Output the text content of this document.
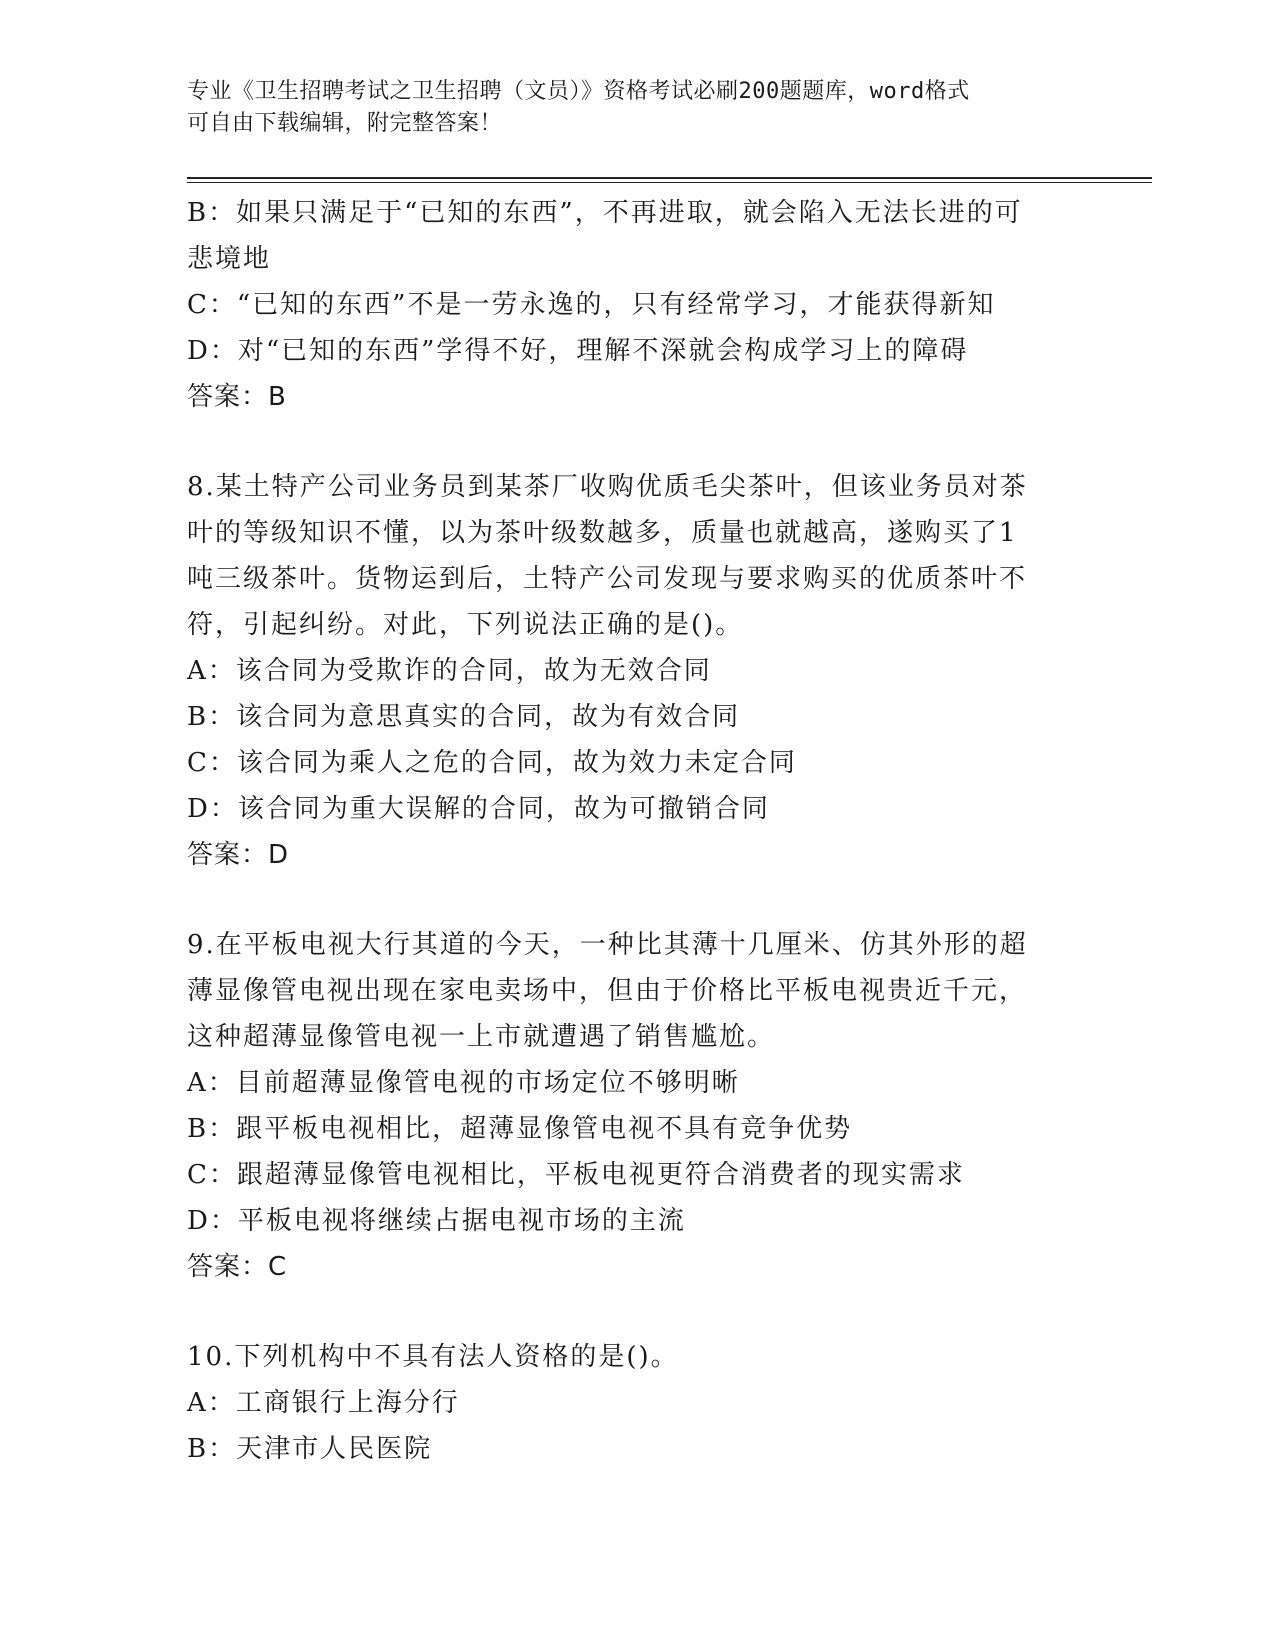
专业《卫生招聘考试之卫生招聘（文员）》资格考试必刷200题题库，word格式
可自由下载编辑，附完整答案！

B：如果只满足于“已知的东西”，不再进取，就会陷入无法长进的可

悲境地

C：“已知的东西”不是一劳永逸的，只有经常学习，才能获得新知

D：对“已知的东西”学得不好，理解不深就会构成学习上的障碍

答案：B

8.某土特产公司业务员到某茶厂收购优质毛尖茶叶，但该业务员对茶

叶的等级知识不懂，以为茶叶级数越多，质量也就越高，遂购买了1

吨三级茶叶。货物运到后，土特产公司发现与要求购买的优质茶叶不

符，引起纠纷。对此，下列说法正确的是()。

A：该合同为受欺诈的合同，故为无效合同

B：该合同为意思真实的合同，故为有效合同

C：该合同为乘人之危的合同，故为效力未定合同

D：该合同为重大误解的合同，故为可撤销合同

答案：D

9.在平板电视大行其道的今天，一种比其薄十几厘米、仿其外形的超

薄显像管电视出现在家电卖场中，但由于价格比平板电视贵近千元，

这种超薄显像管电视一上市就遭遇了销售尴尬。

A：目前超薄显像管电视的市场定位不够明晰

B：跟平板电视相比，超薄显像管电视不具有竞争优势

C：跟超薄显像管电视相比，平板电视更符合消费者的现实需求

D：平板电视将继续占据电视市场的主流

答案：C

10.下列机构中不具有法人资格的是()。

A：工商银行上海分行

B：天津市人民医院
